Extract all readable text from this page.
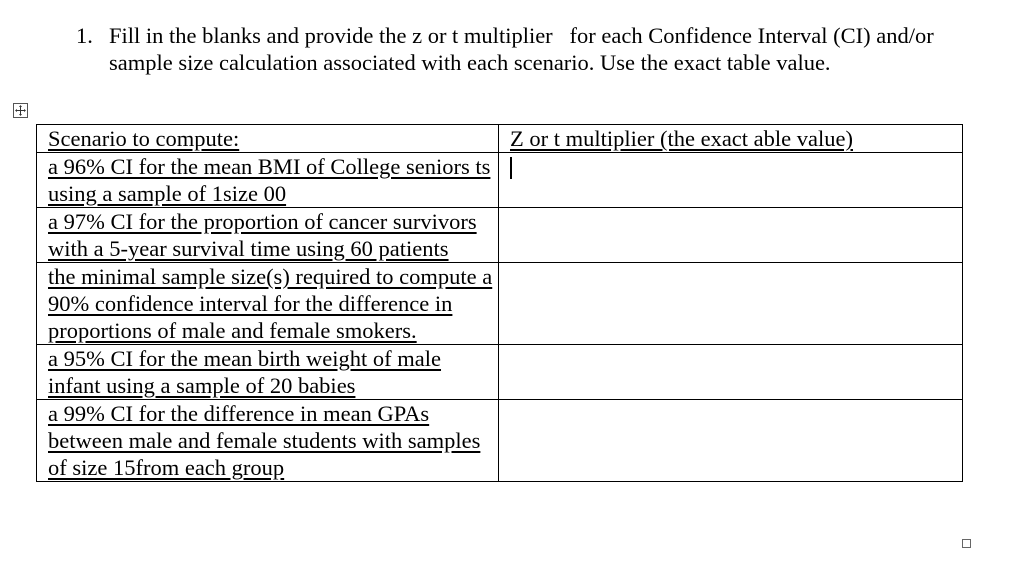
1. Fill in the blanks and provide the z or t multiplier   for each Confidence Interval (CI) and/or   sample size calculation associated with each scenario. Use the exact table value.
Scenario to compute:	Z or t multiplier (the exact able value)
a 96% CI for the mean BMI of College seniors ts using a sample of 1size 00	
a 97% CI for the proportion of cancer survivors with a 5-year survival time using 60 patients	
the minimal sample size(s) required to compute a 90% confidence interval for the difference in proportions of male and female smokers.	
a 95% CI for the mean birth weight of male infant using a sample of 20 babies	
a 99% CI for the difference in mean GPAs between male and female students with samples of size 15from each group	
